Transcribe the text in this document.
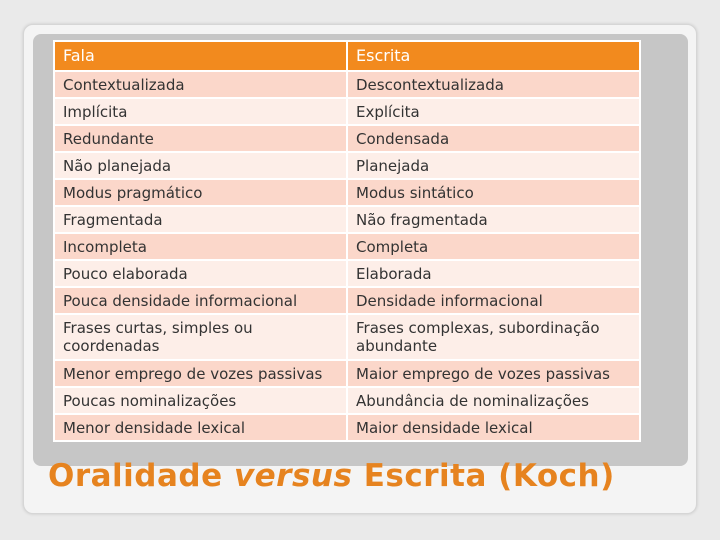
Fala	Escrita
Contextualizada	Descontextualizada
Implícita	Explícita
Redundante	Condensada
Não planejada	Planejada
Modus pragmático	Modus sintático
Fragmentada	Não fragmentada
Incompleta	Completa
Pouco elaborada	Elaborada
Pouca densidade informacional	Densidade informacional
Frases curtas, simples ou coordenadas	Frases complexas, subordinação abundante
Menor emprego de vozes passivas	Maior emprego de vozes passivas
Poucas nominalizações	Abundância de nominalizações
Menor densidade lexical	Maior densidade lexical
Oralidade versus Escrita (Koch)
